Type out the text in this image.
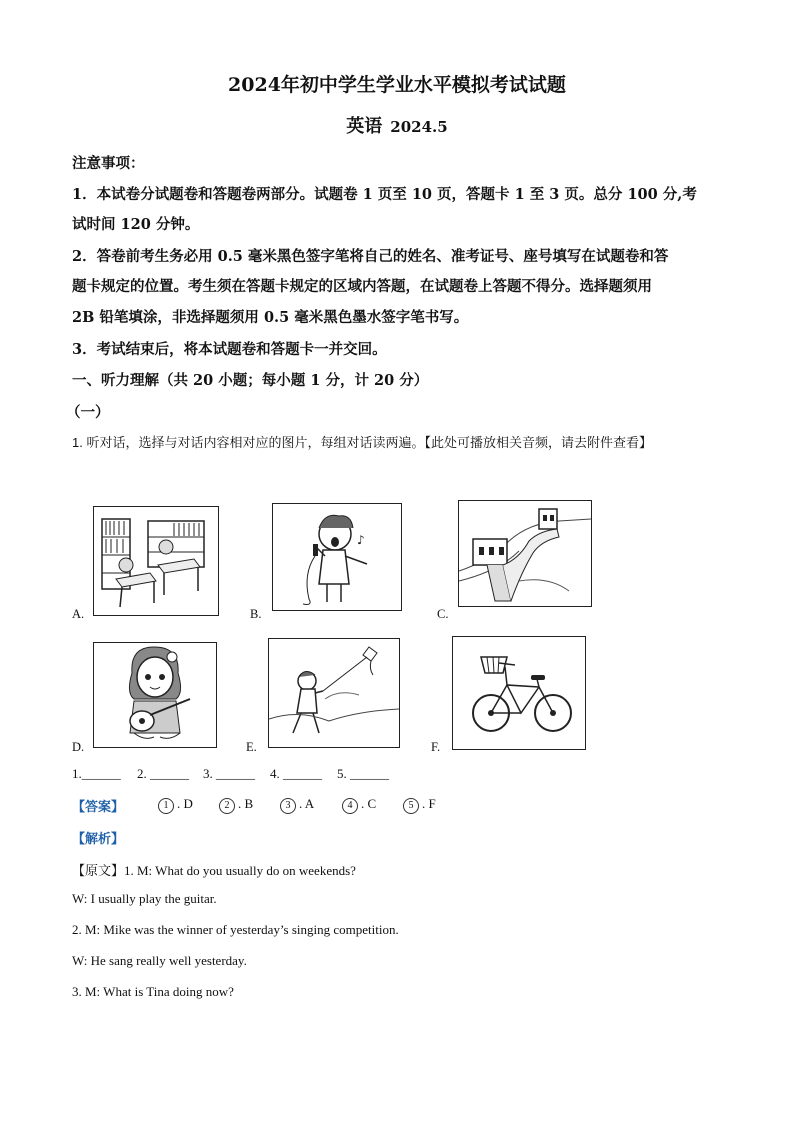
2024年初中学生学业水平模拟考试试题
英语 2024.5
注意事项：
1．本试卷分试题卷和答题卷两部分。试题卷 1 页至 10 页，答题卡 1 至 3 页。总分 100 分,考
试时间 120 分钟。
2．答卷前考生务必用 0.5 毫米黑色签字笔将自己的姓名、准考证号、座号填写在试题卷和答
题卡规定的位置。考生须在答题卡规定的区域内答题，在试题卷上答题不得分。选择题须用
2B 铅笔填涂，非选择题须用 0.5 毫米黑色墨水签字笔书写。
3．考试结束后，将本试题卷和答题卡一并交回。
一、听力理解（共 20 小题；每小题 1 分，计 20 分）
（一）
1. 听对话，选择与对话内容相对应的图片，每组对话读两遍。【此处可播放相关音频，请去附件查看】
A.
♪
B.	C.
D.	E.	F.
1.______ 2. ______ 3. ______ 4. ______ 5. ______
【答案】	1 . D	2 . B	3 . A	4 . C	5 . F
【解析】
【原文】1. M: What do you usually do on weekends?
W: I usually play the guitar.
2. M: Mike was the winner of yesterday’s singing competition.
W: He sang really well yesterday.
3. M: What is Tina doing now?
